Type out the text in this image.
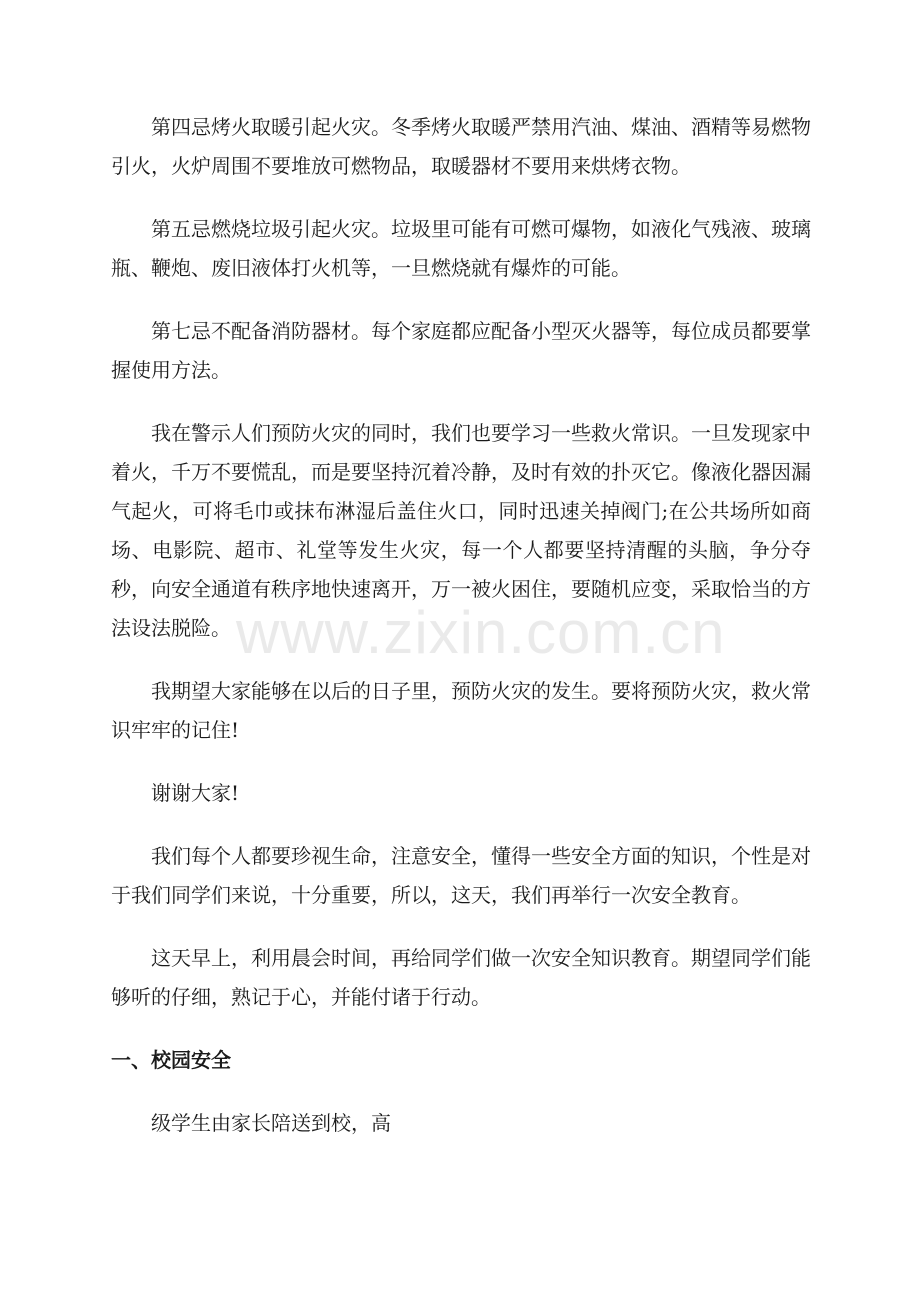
第四忌烤火取暖引起火灾。冬季烤火取暖严禁用汽油、煤油、酒精等易燃物引火，火炉周围不要堆放可燃物品，取暖器材不要用来烘烤衣物。

第五忌燃烧垃圾引起火灾。垃圾里可能有可燃可爆物，如液化气残液、玻璃瓶、鞭炮、废旧液体打火机等，一旦燃烧就有爆炸的可能。

第七忌不配备消防器材。每个家庭都应配备小型灭火器等，每位成员都要掌握使用方法。

我在警示人们预防火灾的同时，我们也要学习一些救火常识。一旦发现家中着火，千万不要慌乱，而是要坚持沉着冷静，及时有效的扑灭它。像液化器因漏气起火，可将毛巾或抹布淋湿后盖住火口，同时迅速关掉阀门;在公共场所如商场、电影院、超市、礼堂等发生火灾，每一个人都要坚持清醒的头脑，争分夺秒，向安全通道有秩序地快速离开，万一被火困住，要随机应变，采取恰当的方法设法脱险。

我期望大家能够在以后的日子里，预防火灾的发生。要将预防火灾，救火常识牢牢的记住!

谢谢大家!

我们每个人都要珍视生命，注意安全，懂得一些安全方面的知识，个性是对于我们同学们来说，十分重要，所以，这天，我们再举行一次安全教育。

这天早上，利用晨会时间，再给同学们做一次安全知识教育。期望同学们能够听的仔细，熟记于心，并能付诸于行动。

一、校园安全

级学生由家长陪送到校，高

www.zixin.com.cn
